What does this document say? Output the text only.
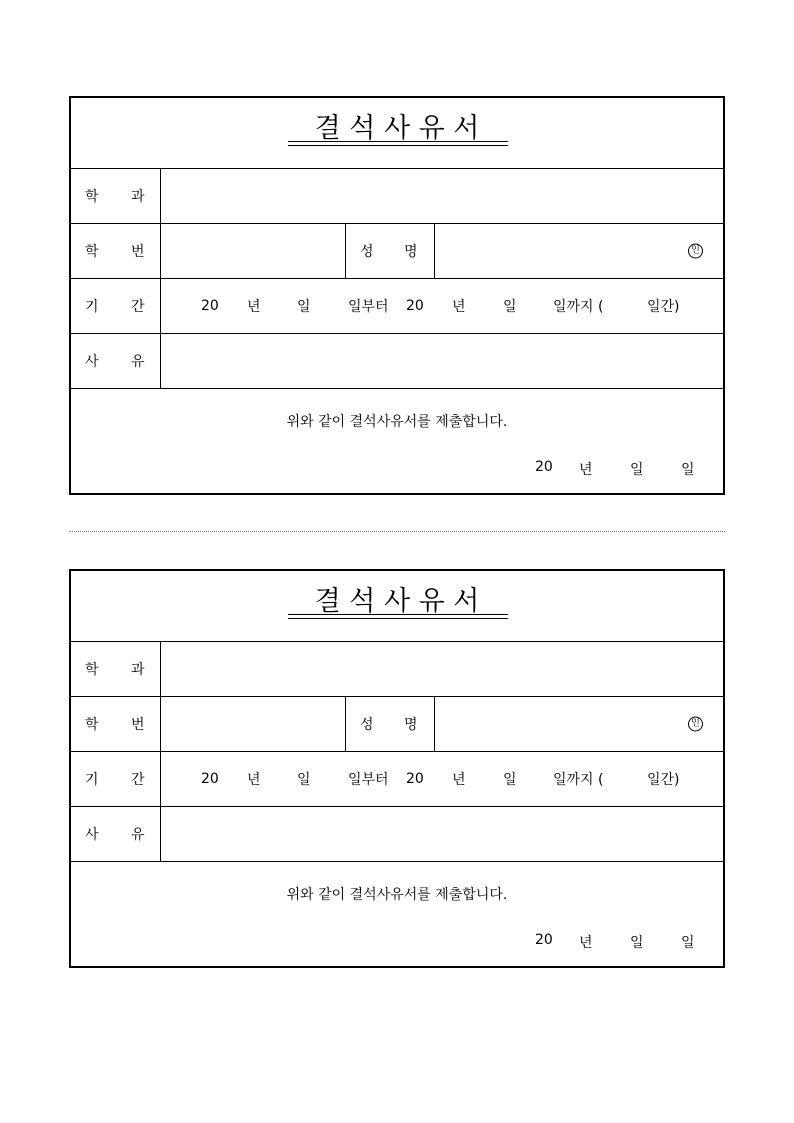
결 석 사 유 서
학 과
학 번	성 명	인
기 간	20 년	일	일부터 20 년	일	일까지 (	일간)
사 유
위와 같이 결석사유서를 제출합니다.
20 년	일	일
결 석 사 유 서
학 과
학 번	성 명	인
기 간	20 년	일	일부터 20 년	일	일까지 (	일간)
사 유
위와 같이 결석사유서를 제출합니다.
20 년	일	일
